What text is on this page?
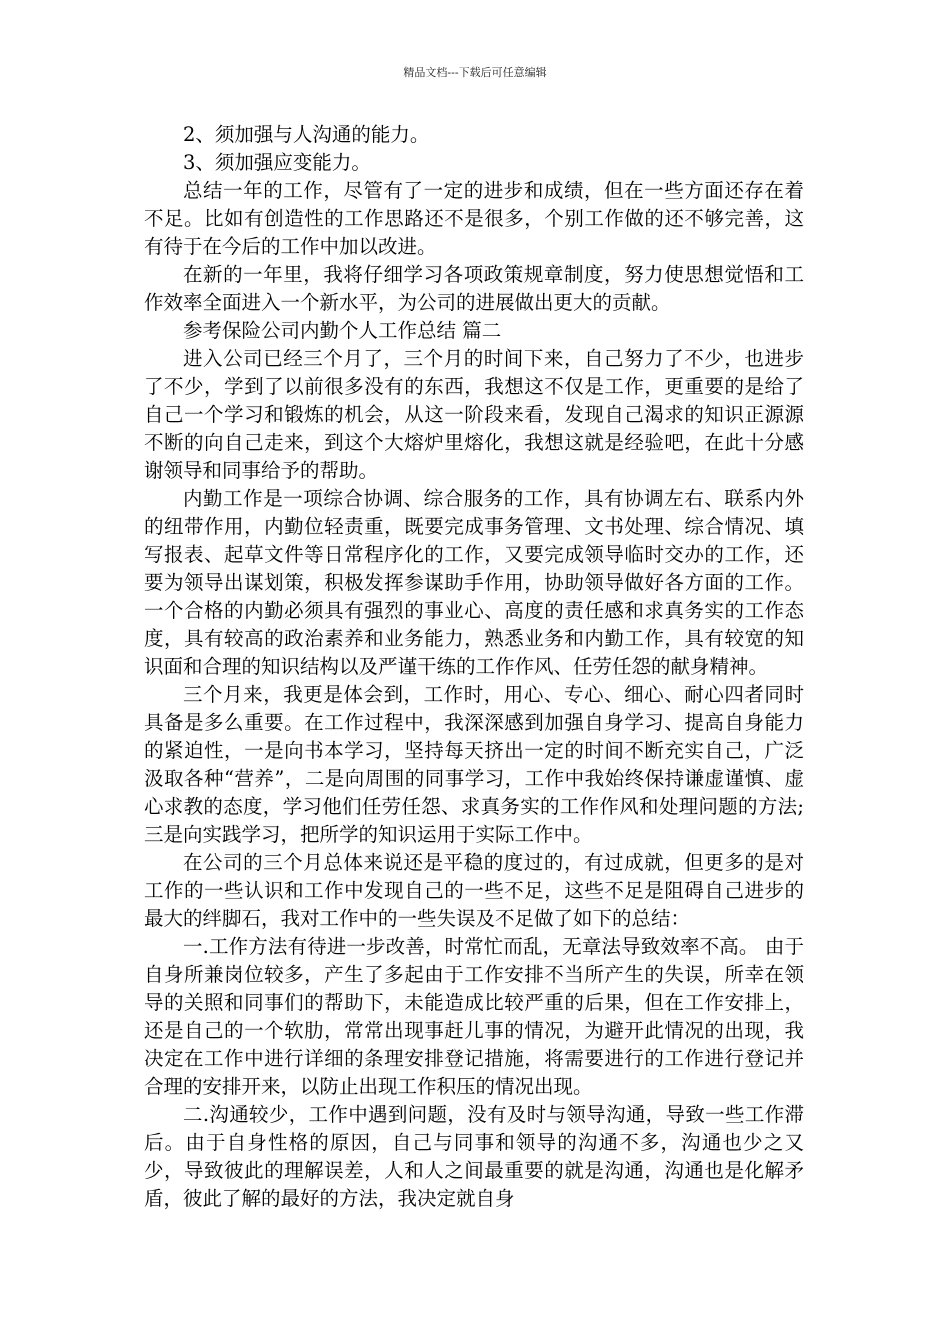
精品文档---下载后可任意编辑

2、须加强与人沟通的能力。

3、须加强应变能力。

总结一年的工作，尽管有了一定的进步和成绩，但在一些方面还存在着不足。比如有创造性的工作思路还不是很多，个别工作做的还不够完善，这有待于在今后的工作中加以改进。

在新的一年里，我将仔细学习各项政策规章制度，努力使思想觉悟和工作效率全面进入一个新水平，为公司的进展做出更大的贡献。

参考保险公司内勤个人工作总结 篇二

进入公司已经三个月了，三个月的时间下来，自己努力了不少，也进步了不少，学到了以前很多没有的东西，我想这不仅是工作，更重要的是给了自己一个学习和锻炼的机会，从这一阶段来看，发现自己渴求的知识正源源不断的向自己走来，到这个大熔炉里熔化，我想这就是经验吧，在此十分感谢领导和同事给予的帮助。

内勤工作是一项综合协调、综合服务的工作，具有协调左右、联系内外的纽带作用，内勤位轻责重，既要完成事务管理、文书处理、综合情况、填写报表、起草文件等日常程序化的工作，又要完成领导临时交办的工作，还要为领导出谋划策，积极发挥参谋助手作用，协助领导做好各方面的工作。一个合格的内勤必须具有强烈的事业心、高度的责任感和求真务实的工作态度，具有较高的政治素养和业务能力，熟悉业务和内勤工作，具有较宽的知识面和合理的知识结构以及严谨干练的工作作风、任劳任怨的献身精神。

三个月来，我更是体会到，工作时，用心、专心、细心、耐心四者同时具备是多么重要。在工作过程中，我深深感到加强自身学习、提高自身能力的紧迫性，一是向书本学习，坚持每天挤出一定的时间不断充实自己，广泛汲取各种“营养”，二是向周围的同事学习，工作中我始终保持谦虚谨慎、虚心求教的态度，学习他们任劳任怨、求真务实的工作作风和处理问题的方法;三是向实践学习，把所学的知识运用于实际工作中。

在公司的三个月总体来说还是平稳的度过的，有过成就，但更多的是对工作的一些认识和工作中发现自己的一些不足，这些不足是阻碍自己进步的最大的绊脚石，我对工作中的一些失误及不足做了如下的总结：

一.工作方法有待进一步改善，时常忙而乱，无章法导致效率不高。 由于自身所兼岗位较多，产生了多起由于工作安排不当所产生的失误，所幸在领导的关照和同事们的帮助下，未能造成比较严重的后果，但在工作安排上，还是自己的一个软肋，常常出现事赶儿事的情况，为避开此情况的出现，我决定在工作中进行详细的条理安排登记措施，将需要进行的工作进行登记并合理的安排开来，以防止出现工作积压的情况出现。

二.沟通较少，工作中遇到问题，没有及时与领导沟通，导致一些工作滞后。由于自身性格的原因，自己与同事和领导的沟通不多，沟通也少之又少，导致彼此的理解误差，人和人之间最重要的就是沟通，沟通也是化解矛盾，彼此了解的最好的方法，我决定就自身
